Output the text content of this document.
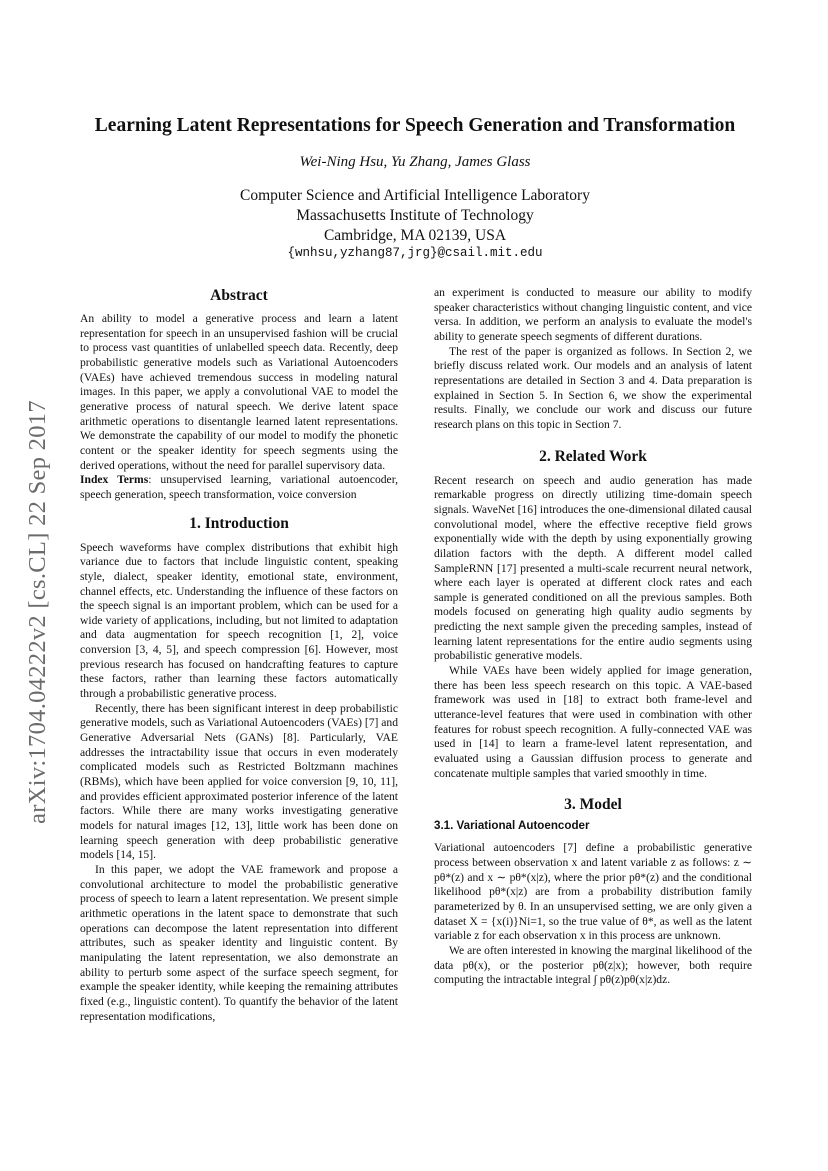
arXiv:1704.04222v2 [cs.CL] 22 Sep 2017
Learning Latent Representations for Speech Generation and Transformation
Wei-Ning Hsu, Yu Zhang, James Glass
Computer Science and Artificial Intelligence Laboratory
Massachusetts Institute of Technology
Cambridge, MA 02139, USA
{wnhsu,yzhang87,jrg}@csail.mit.edu
Abstract

An ability to model a generative process and learn a latent representation for speech in an unsupervised fashion will be crucial to process vast quantities of unlabelled speech data. Recently, deep probabilistic generative models such as Variational Autoencoders (VAEs) have achieved tremendous success in modeling natural images. In this paper, we apply a convolutional VAE to model the generative process of natural speech. We derive latent space arithmetic operations to disentangle learned latent representations. We demonstrate the capability of our model to modify the phonetic content or the speaker identity for speech segments using the derived operations, without the need for parallel supervisory data.

Index Terms: unsupervised learning, variational autoencoder, speech generation, speech transformation, voice conversion

1. Introduction

Speech waveforms have complex distributions that exhibit high variance due to factors that include linguistic content, speaking style, dialect, speaker identity, emotional state, environment, channel effects, etc. Understanding the influence of these factors on the speech signal is an important problem, which can be used for a wide variety of applications, including, but not limited to adaptation and data augmentation for speech recognition [1, 2], voice conversion [3, 4, 5], and speech compression [6]. However, most previous research has focused on handcrafting features to capture these factors, rather than learning these factors automatically through a probabilistic generative process.

Recently, there has been significant interest in deep probabilistic generative models, such as Variational Autoencoders (VAEs) [7] and Generative Adversarial Nets (GANs) [8]. Particularly, VAE addresses the intractability issue that occurs in even moderately complicated models such as Restricted Boltzmann machines (RBMs), which have been applied for voice conversion [9, 10, 11], and provides efficient approximated posterior inference of the latent factors. While there are many works investigating generative models for natural images [12, 13], little work has been done on learning speech generation with deep probabilistic generative models [14, 15].

In this paper, we adopt the VAE framework and propose a convolutional architecture to model the probabilistic generative process of speech to learn a latent representation. We present simple arithmetic operations in the latent space to demonstrate that such operations can decompose the latent representation into different attributes, such as speaker identity and linguistic content. By manipulating the latent representation, we also demonstrate an ability to perturb some aspect of the surface speech segment, for example the speaker identity, while keeping the remaining attributes fixed (e.g., linguistic content). To quantify the behavior of the latent representation modifications,

an experiment is conducted to measure our ability to modify speaker characteristics without changing linguistic content, and vice versa. In addition, we perform an analysis to evaluate the model's ability to generate speech segments of different durations.

The rest of the paper is organized as follows. In Section 2, we briefly discuss related work. Our models and an analysis of latent representations are detailed in Section 3 and 4. Data preparation is explained in Section 5. In Section 6, we show the experimental results. Finally, we conclude our work and discuss our future research plans on this topic in Section 7.

2. Related Work

Recent research on speech and audio generation has made remarkable progress on directly utilizing time-domain speech signals. WaveNet [16] introduces the one-dimensional dilated causal convolutional model, where the effective receptive field grows exponentially wide with the depth by using exponentially growing dilation factors with the depth. A different model called SampleRNN [17] presented a multi-scale recurrent neural network, where each layer is operated at different clock rates and each sample is generated conditioned on all the previous samples. Both models focused on generating high quality audio segments by predicting the next sample given the preceding samples, instead of learning latent representations for the entire audio segments using probabilistic generative models.

While VAEs have been widely applied for image generation, there has been less speech research on this topic. A VAE-based framework was used in [18] to extract both frame-level and utterance-level features that were used in combination with other features for robust speech recognition. A fully-connected VAE was used in [14] to learn a frame-level latent representation, and evaluated using a Gaussian diffusion process to generate and concatenate multiple samples that varied smoothly in time.

3. Model
3.1. Variational Autoencoder

Variational autoencoders [7] define a probabilistic generative process between observation x and latent variable z as follows: z ∼ pθ*(z) and x ∼ pθ*(x|z), where the prior pθ*(z) and the conditional likelihood pθ*(x|z) are from a probability distribution family parameterized by θ. In an unsupervised setting, we are only given a dataset X = {x(i)}Ni=1, so the true value of θ*, as well as the latent variable z for each observation x in this process are unknown.

We are often interested in knowing the marginal likelihood of the data pθ(x), or the posterior pθ(z|x); however, both require computing the intractable integral ∫ pθ(z)pθ(x|z)dz.
